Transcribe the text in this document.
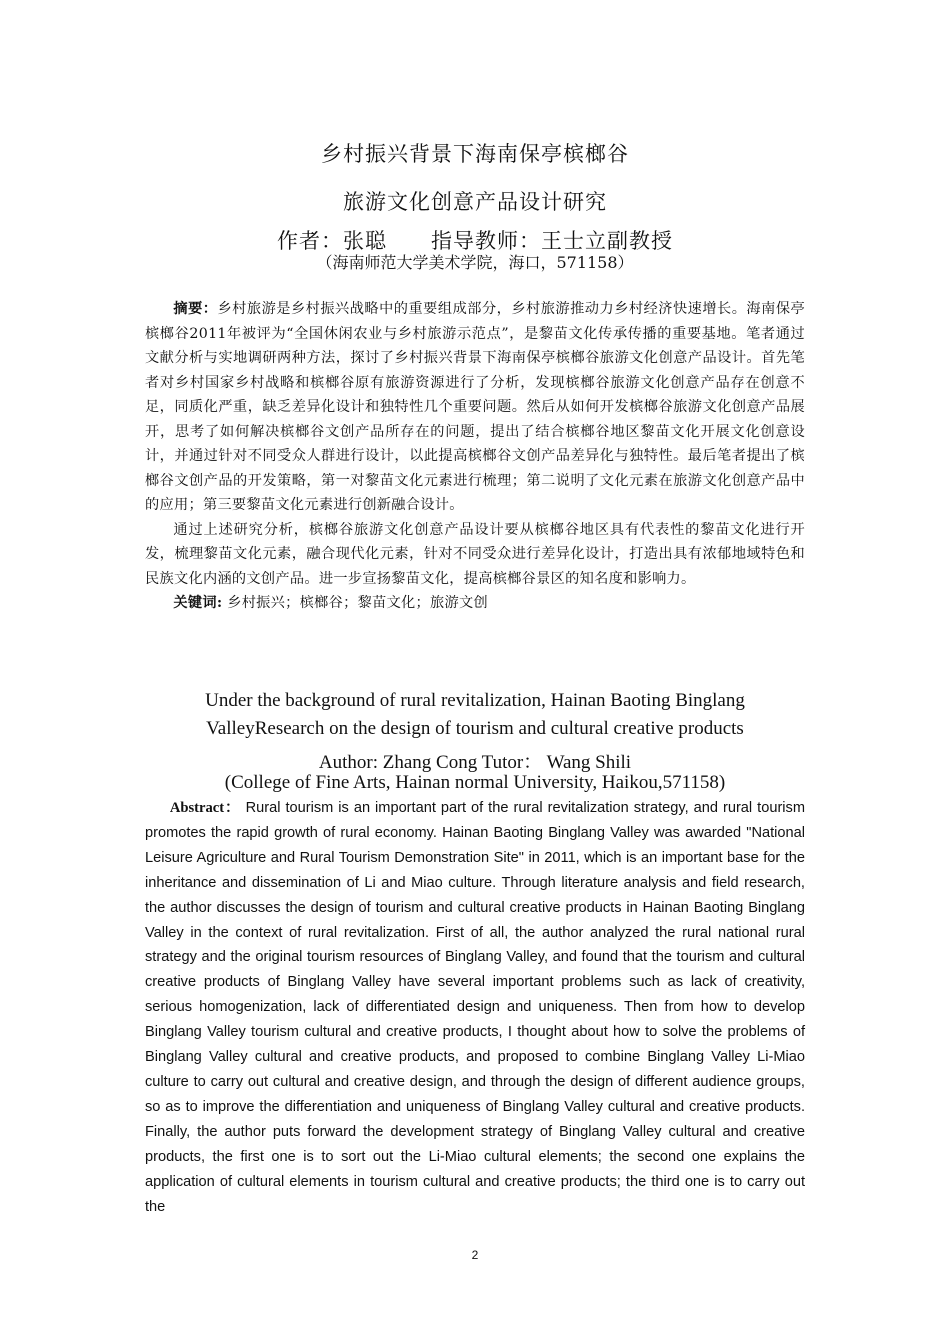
乡村振兴背景下海南保亭槟榔谷
旅游文化创意产品设计研究
作者：张聪　　指导教师：王士立副教授
（海南师范大学美术学院，海口，571158）

摘要：乡村旅游是乡村振兴战略中的重要组成部分，乡村旅游推动力乡村经济快速增长。海南保亭槟榔谷2011年被评为“全国休闲农业与乡村旅游示范点”，是黎苗文化传承传播的重要基地。笔者通过文献分析与实地调研两种方法，探讨了乡村振兴背景下海南保亭槟榔谷旅游文化创意产品设计。首先笔者对乡村国家乡村战略和槟榔谷原有旅游资源进行了分析，发现槟榔谷旅游文化创意产品存在创意不足，同质化严重，缺乏差异化设计和独特性几个重要问题。然后从如何开发槟榔谷旅游文化创意产品展开，思考了如何解决槟榔谷文创产品所存在的问题，提出了结合槟榔谷地区黎苗文化开展文化创意设计，并通过针对不同受众人群进行设计，以此提高槟榔谷文创产品差异化与独特性。最后笔者提出了槟榔谷文创产品的开发策略，第一对黎苗文化元素进行梳理；第二说明了文化元素在旅游文化创意产品中的应用；第三要黎苗文化元素进行创新融合设计。

通过上述研究分析，槟榔谷旅游文化创意产品设计要从槟榔谷地区具有代表性的黎苗文化进行开发，梳理黎苗文化元素，融合现代化元素，针对不同受众进行差异化设计，打造出具有浓郁地域特色和民族文化内涵的文创产品。进一步宣扬黎苗文化，提高槟榔谷景区的知名度和影响力。

关键词: 乡村振兴；槟榔谷；黎苗文化；旅游文创

Under the background of rural revitalization, Hainan Baoting Binglang
ValleyResearch on the design of tourism and cultural creative products
Author: Zhang Cong Tutor： Wang Shili
(College of Fine Arts, Hainan normal University, Haikou,571158)

Abstract： Rural tourism is an important part of the rural revitalization strategy, and rural tourism promotes the rapid growth of rural economy. Hainan Baoting Binglang Valley was awarded "National Leisure Agriculture and Rural Tourism Demonstration Site" in 2011, which is an important base for the inheritance and dissemination of Li and Miao culture. Through literature analysis and field research, the author discusses the design of tourism and cultural creative products in Hainan Baoting Binglang Valley in the context of rural revitalization. First of all, the author analyzed the rural national rural strategy and the original tourism resources of Binglang Valley, and found that the tourism and cultural creative products of Binglang Valley have several important problems such as lack of creativity, serious homogenization, lack of differentiated design and uniqueness. Then from how to develop Binglang Valley tourism cultural and creative products, I thought about how to solve the problems of Binglang Valley cultural and creative products, and proposed to combine Binglang Valley Li-Miao culture to carry out cultural and creative design, and through the design of different audience groups, so as to improve the differentiation and uniqueness of Binglang Valley cultural and creative products. Finally, the author puts forward the development strategy of Binglang Valley cultural and creative products, the first one is to sort out the Li-Miao cultural elements; the second one explains the application of cultural elements in tourism cultural and creative products; the third one is to carry out the

2
